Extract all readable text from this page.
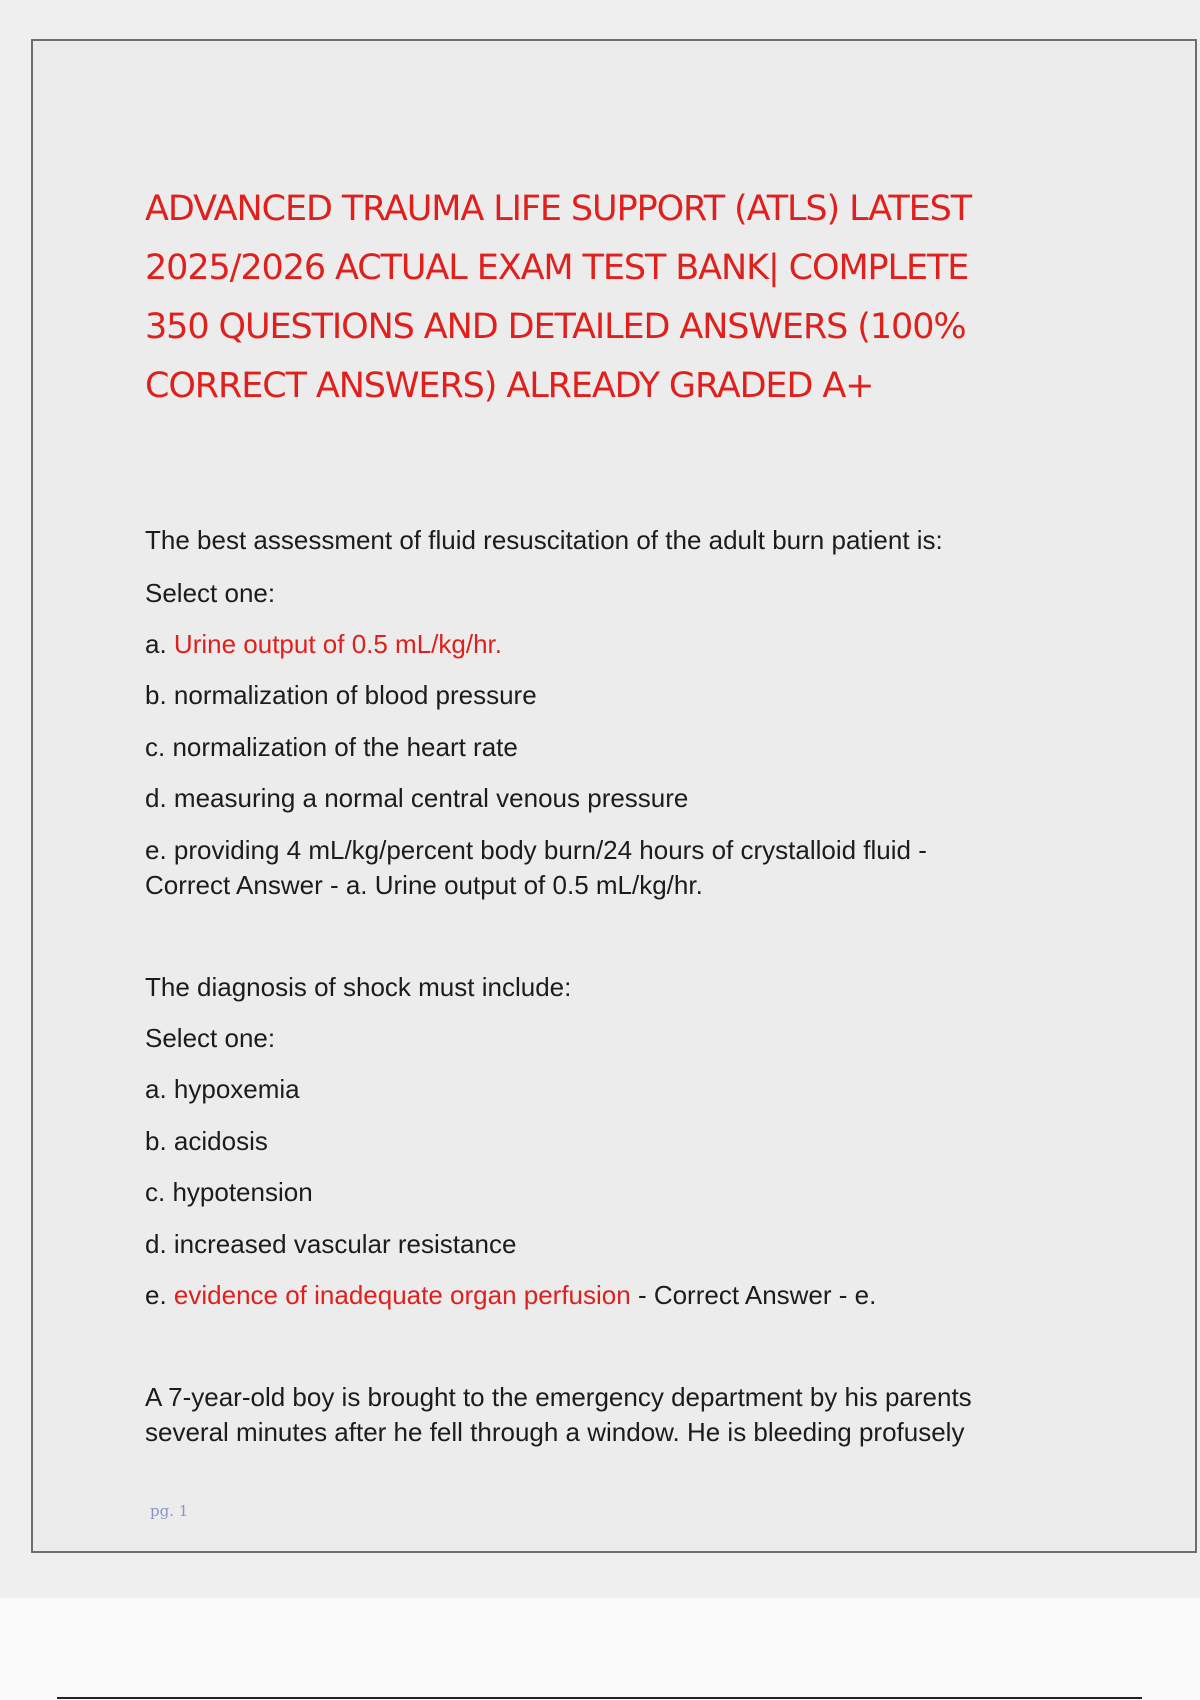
ADVANCED TRAUMA LIFE SUPPORT (ATLS) LATEST
2025/2026 ACTUAL EXAM TEST BANK| COMPLETE
350 QUESTIONS AND DETAILED ANSWERS (100%
CORRECT ANSWERS) ALREADY GRADED A+
The best assessment of fluid resuscitation of the adult burn patient is:
Select one:
a. Urine output of 0.5 mL/kg/hr.
b. normalization of blood pressure
c. normalization of the heart rate
d. measuring a normal central venous pressure
e. providing 4 mL/kg/percent body burn/24 hours of crystalloid fluid -
Correct Answer - a. Urine output of 0.5 mL/kg/hr.
The diagnosis of shock must include:
Select one:
a. hypoxemia
b. acidosis
c. hypotension
d. increased vascular resistance
e. evidence of inadequate organ perfusion - Correct Answer - e.
A 7-year-old boy is brought to the emergency department by his parents
several minutes after he fell through a window. He is bleeding profusely
pg. 1
